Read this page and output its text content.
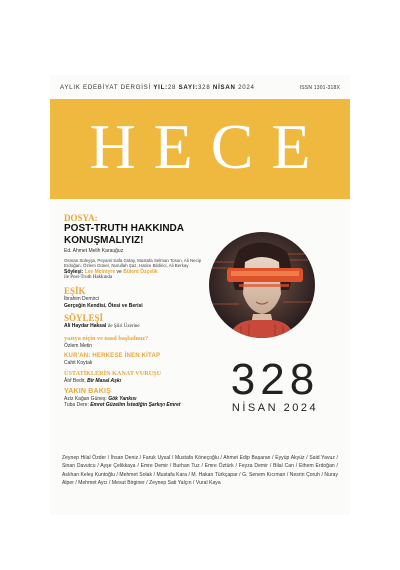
AYLIK EDEBİYAT DERGİSİ YIL:28 SAYI:328 NİSAN 2024	ISSN 1301-318X
HECE
DOSYA:
POST-TRUTH HAKKINDA
KONUŞMALIYIZ!
Ed. Ahmet Melih Karauğuz
Osman Süleyşa, Peyami Safa Gülay, Mustafa Selman Tosun, Ali Necip Erdoğan, Özlem Güner, Nurullah Şaz, Hatice Bildirici, Ali Berkay
Söyleşi: Lee Mcintyre ve Bülent Özçelik
ile Post-Truth Hakkında
EŞİK
İbrahim Demirci
Gerçeğin Kendisi, Ötesi ve Berisi
SÖYLEŞİ
Ali Haydar Haksal ile Şiiri Üzerine
yazıya niçin ve nasıl başladınız?
Özlem Metin
KUR'AN: HERKESE İNEN KİTAP
Cahit Koytak
ÜSTATİKLERİN KANAT VURUŞU
Âtıf Bedir, Bir Masal Aşkı
YAKIN BAKIŞ
Aziz Kağan Güneş: Gök Yankısı
Tuba Dere: Emret Güzelim İstediğin Şarkıyı Emret
328
NİSAN 2024
Zeynep Hilal Özder / İhsan Deniz / Faruk Uysal / Mustafa Köneçoğlu / Ahmet Edip Başaran / Eyyüp Akyüz / Said Yavuz / Sinan Davutcu / Ayşe Çelikkaya / Emre Demir / Burhan Tuz / Emre Öztürk / Feyza Demir / Bilal Can / Ethem Erdoğan / Aslıhan Keleş Kuntoğlu / Mehmet Solak / Mustafa Kara / M. Hakan Türkçapar / G. Senem Kıcıman / Nesrin Çoruh / Nuray Alper / Mehmet Aycı / Mesut Birginer / Zeynep Sati Yalçın / Vural Kaya
